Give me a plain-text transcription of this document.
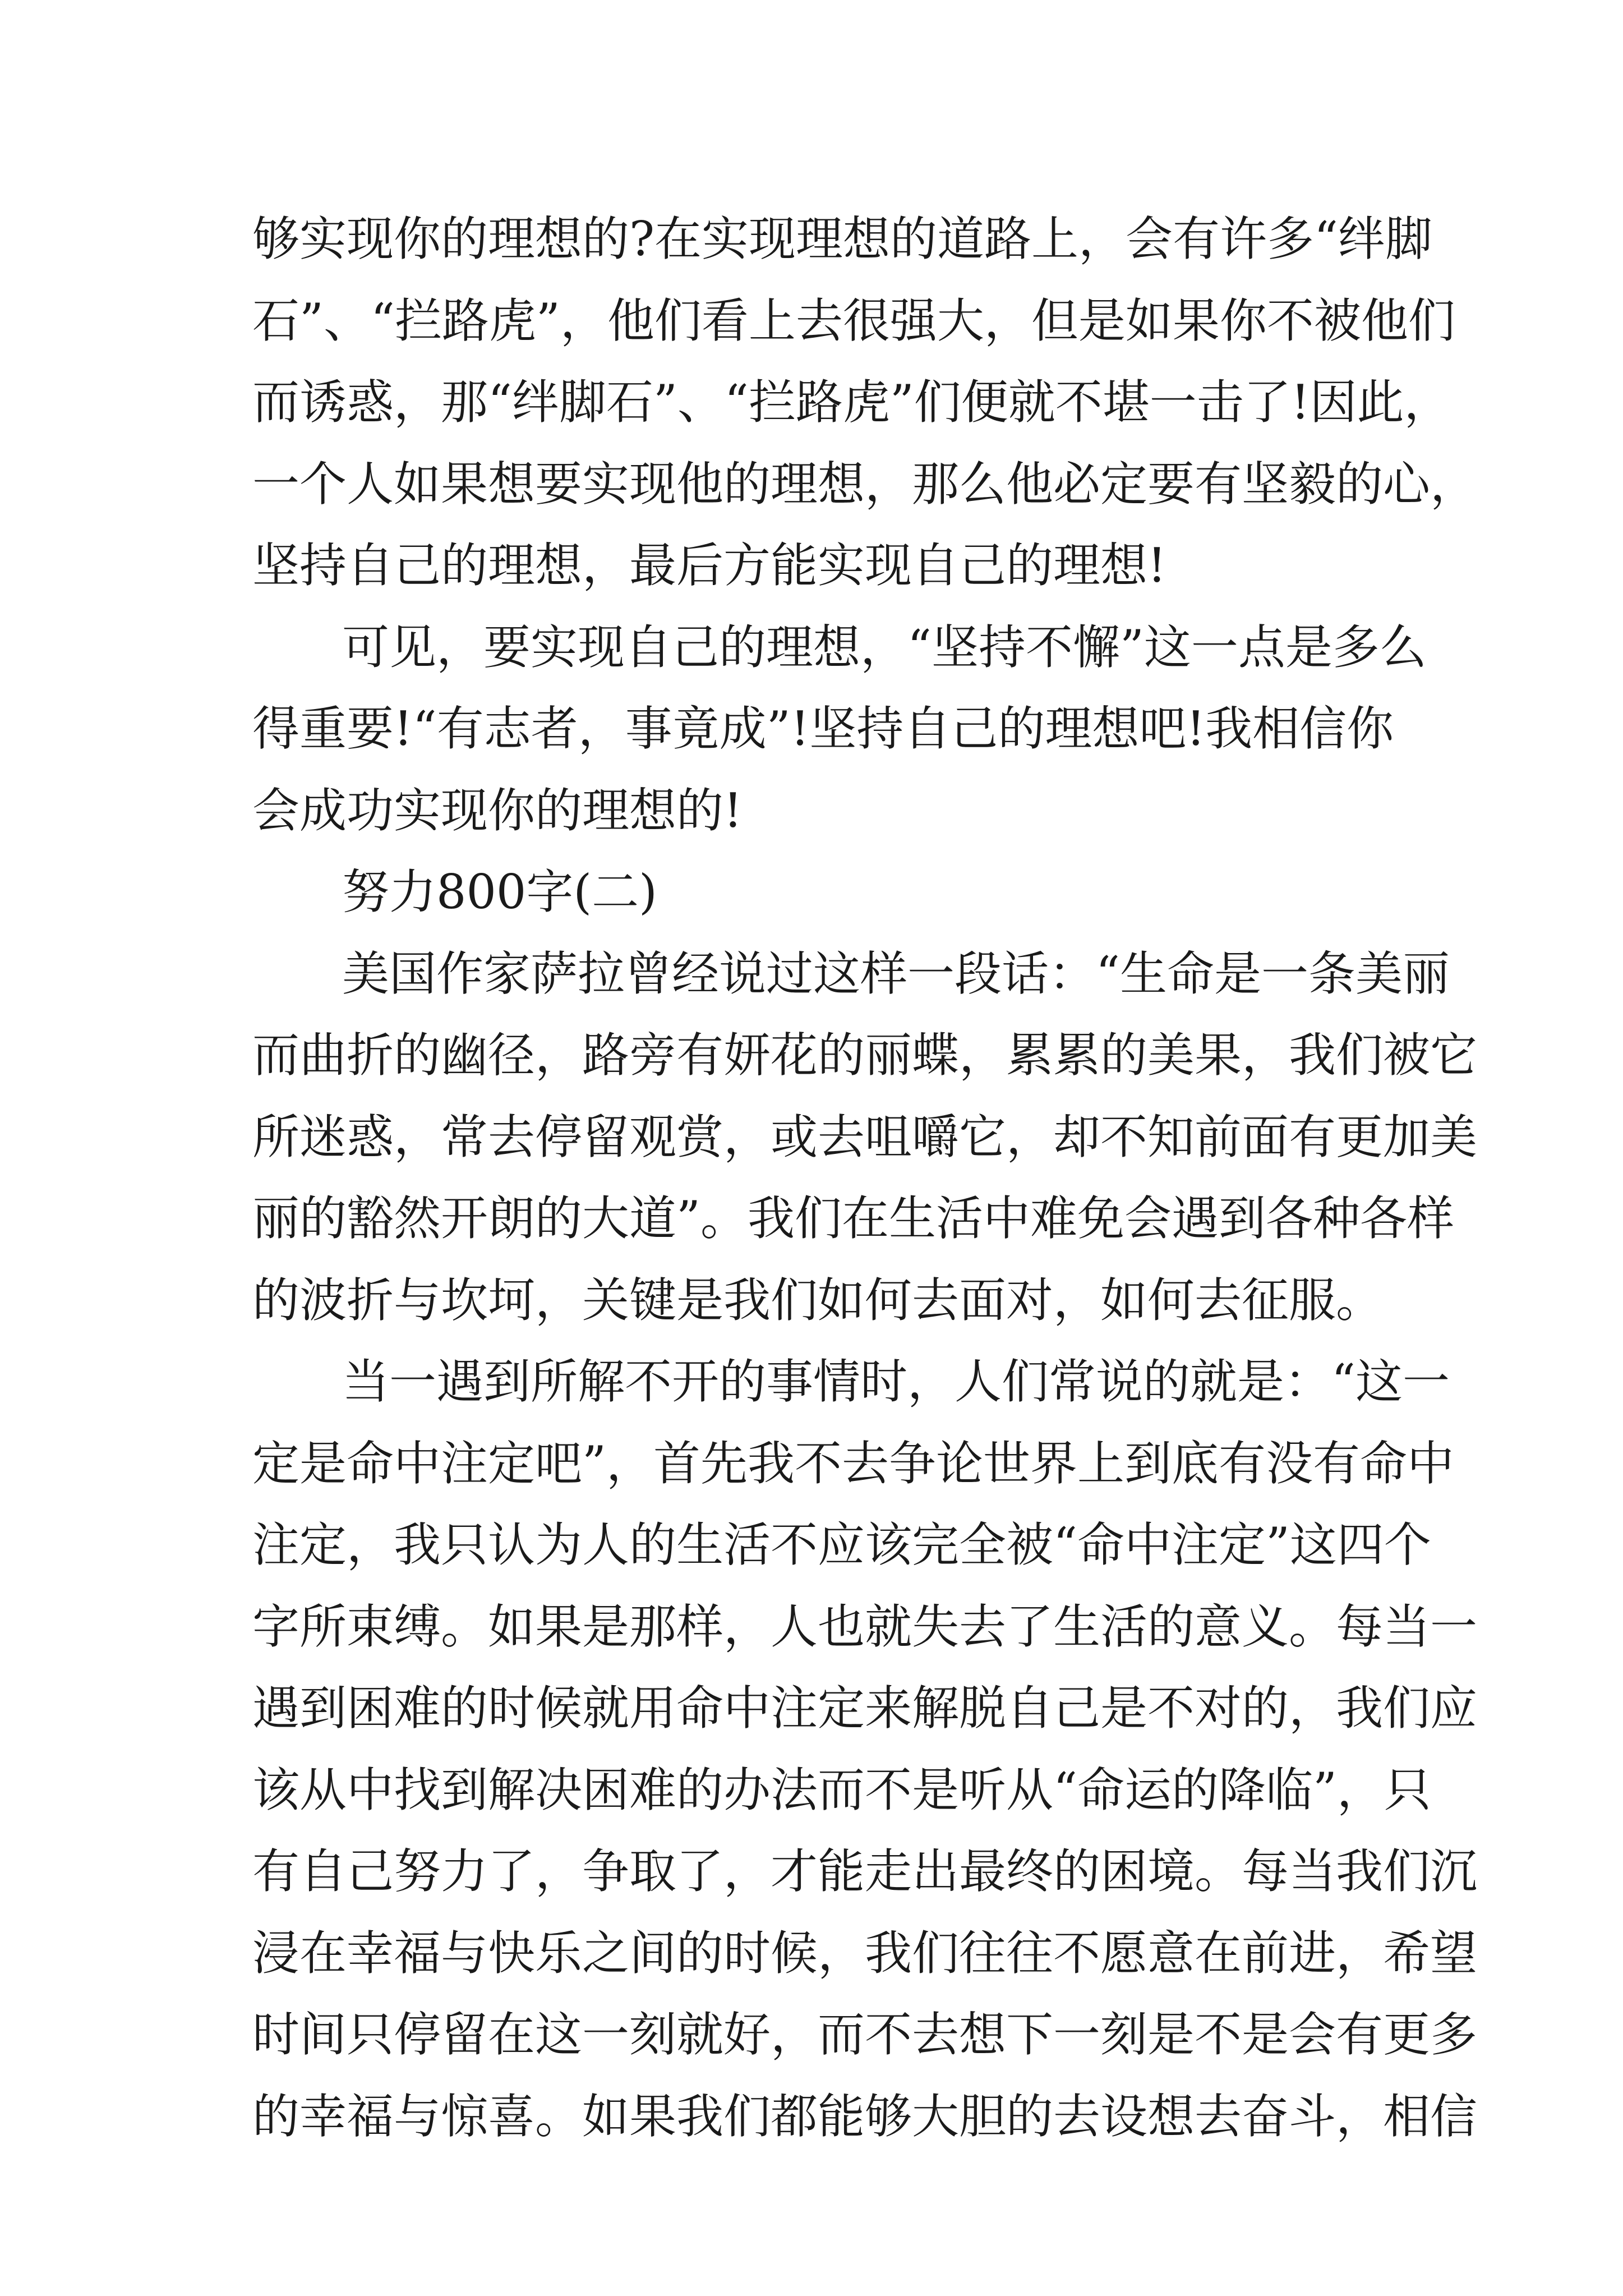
够实现你的理想的?在实现理想的道路上，会有许多“绊脚
石”、“拦路虎”，他们看上去很强大，但是如果你不被他们
而诱惑，那“绊脚石”、“拦路虎”们便就不堪一击了!因此，
一个人如果想要实现他的理想，那么他必定要有坚毅的心，
坚持自己的理想，最后方能实现自己的理想!
可见，要实现自己的理想，“坚持不懈”这一点是多么
得重要!“有志者，事竟成”!坚持自己的理想吧!我相信你
会成功实现你的理想的!
努力800字(二)
美国作家萨拉曾经说过这样一段话：“生命是一条美丽
而曲折的幽径，路旁有妍花的丽蝶，累累的美果，我们被它
所迷惑，常去停留观赏，或去咀嚼它，却不知前面有更加美
丽的豁然开朗的大道”。我们在生活中难免会遇到各种各样
的波折与坎坷，关键是我们如何去面对，如何去征服。
当一遇到所解不开的事情时，人们常说的就是：“这一
定是命中注定吧”，首先我不去争论世界上到底有没有命中
注定，我只认为人的生活不应该完全被“命中注定”这四个
字所束缚。如果是那样，人也就失去了生活的意义。每当一
遇到困难的时候就用命中注定来解脱自己是不对的，我们应
该从中找到解决困难的办法而不是听从“命运的降临”，只
有自己努力了，争取了，才能走出最终的困境。每当我们沉
浸在幸福与快乐之间的时候，我们往往不愿意在前进，希望
时间只停留在这一刻就好，而不去想下一刻是不是会有更多
的幸福与惊喜。如果我们都能够大胆的去设想去奋斗，相信
